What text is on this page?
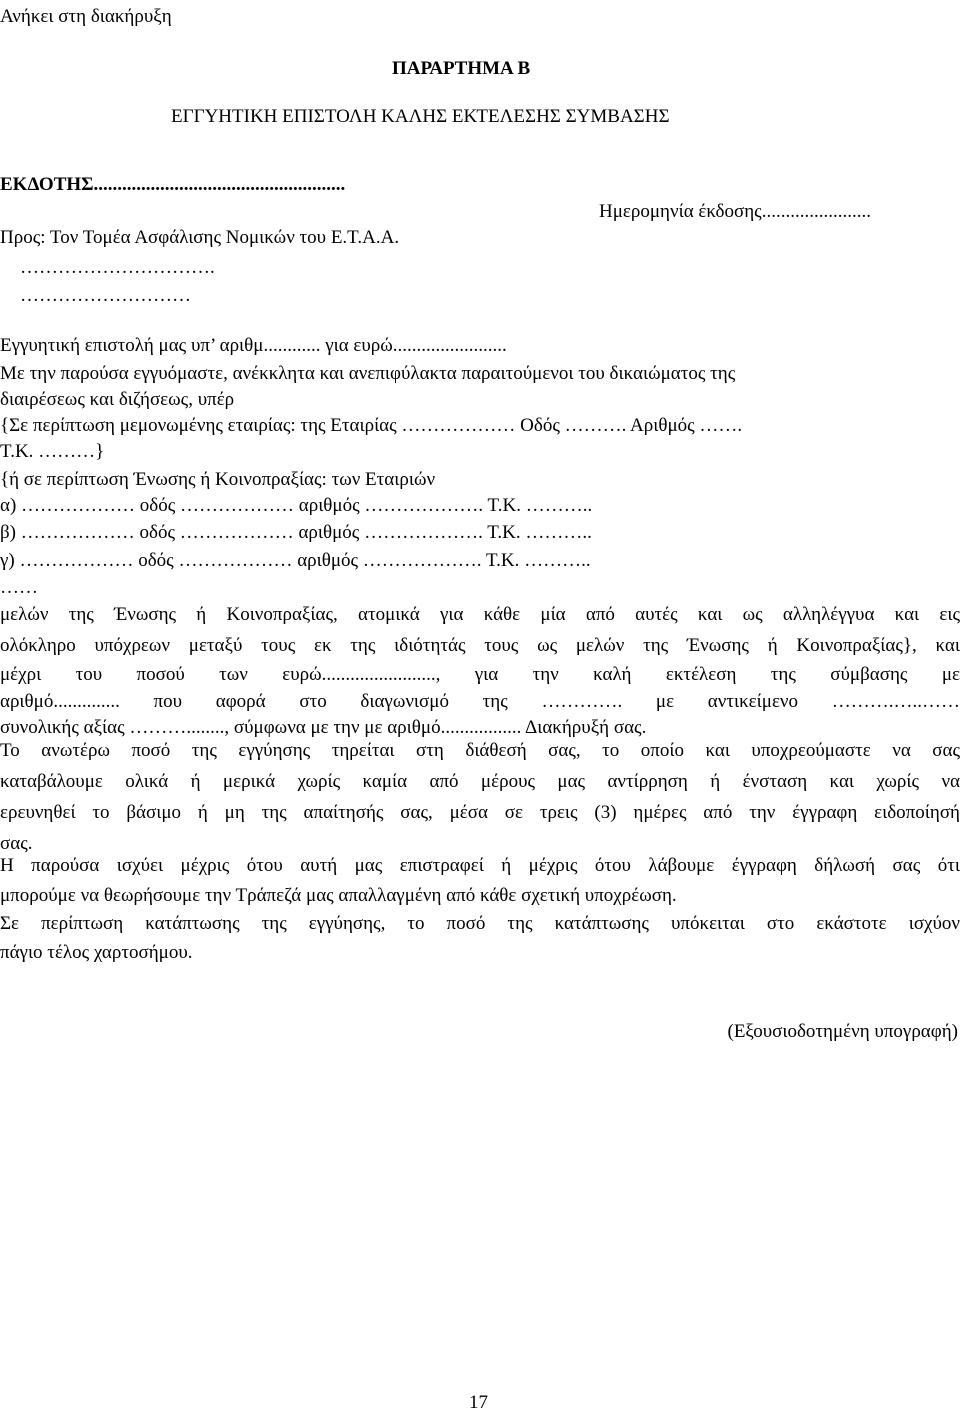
Ανήκει στη διακήρυξη
ΠΑΡΑΡΤΗΜΑ Β
ΕΓΓΥΗΤΙΚΗ ΕΠΙΣΤΟΛΗ ΚΑΛΗΣ ΕΚΤΕΛΕΣΗΣ ΣΥΜΒΑΣΗΣ
ΕΚΔΟΤΗΣ.....................................................
Ημερομηνία έκδοσης.......................
Προς: Τον Τομέα Ασφάλισης Νομικών του Ε.Τ.Α.Α.
………………………….
………………………
Εγγυητική επιστολή μας υπ’ αριθμ............ για ευρώ........................
Με την παρούσα εγγυόμαστε, ανέκκλητα και ανεπιφύλακτα παραιτούμενοι του δικαιώματος της
διαιρέσεως και διζήσεως, υπέρ
{Σε περίπτωση μεμονωμένης εταιρίας: της Εταιρίας ……………… Οδός ………. Αριθμός …….
Τ.Κ. ………}
{ή σε περίπτωση Ένωσης ή Κοινοπραξίας: των Εταιριών
α) ……………… οδός ……………… αριθμός ………………. Τ.Κ. ………..
β) ……………… οδός ……………… αριθμός ………………. Τ.Κ. ………..
γ) ……………… οδός ……………… αριθμός ………………. Τ.Κ. ………..
……
μελών της Ένωσης ή Κοινοπραξίας, ατομικά για κάθε μία από αυτές και ως αλληλέγγυα και εις
ολόκληρο υπόχρεων μεταξύ τους εκ της ιδιότητάς τους ως μελών της Ένωσης ή Κοινοπραξίας}, και
μέχρι του ποσού των ευρώ........................, για την καλή εκτέλεση της σύμβασης με
αριθμό.............. που αφορά στο διαγωνισμό της …………. με αντικείμενο ……….…..……
συνολικής αξίας ………........, σύμφωνα με την με αριθμό................. Διακήρυξή σας.
Το ανωτέρω ποσό της εγγύησης τηρείται στη διάθεσή σας, το οποίο και υποχρεούμαστε να σας
καταβάλουμε ολικά ή μερικά χωρίς καμία από μέρους μας αντίρρηση ή ένσταση και χωρίς να
ερευνηθεί το βάσιμο ή μη της απαίτησής σας, μέσα σε τρεις (3) ημέρες από την έγγραφη ειδοποίησή
σας.
Η παρούσα ισχύει μέχρις ότου αυτή μας επιστραφεί ή μέχρις ότου λάβουμε έγγραφη δήλωσή σας ότι
μπορούμε να θεωρήσουμε την Τράπεζά μας απαλλαγμένη από κάθε σχετική υποχρέωση.
Σε περίπτωση κατάπτωσης της εγγύησης, το ποσό της κατάπτωσης υπόκειται στο εκάστοτε ισχύον
πάγιο τέλος χαρτοσήμου.
(Εξουσιοδοτημένη υπογραφή)
17
